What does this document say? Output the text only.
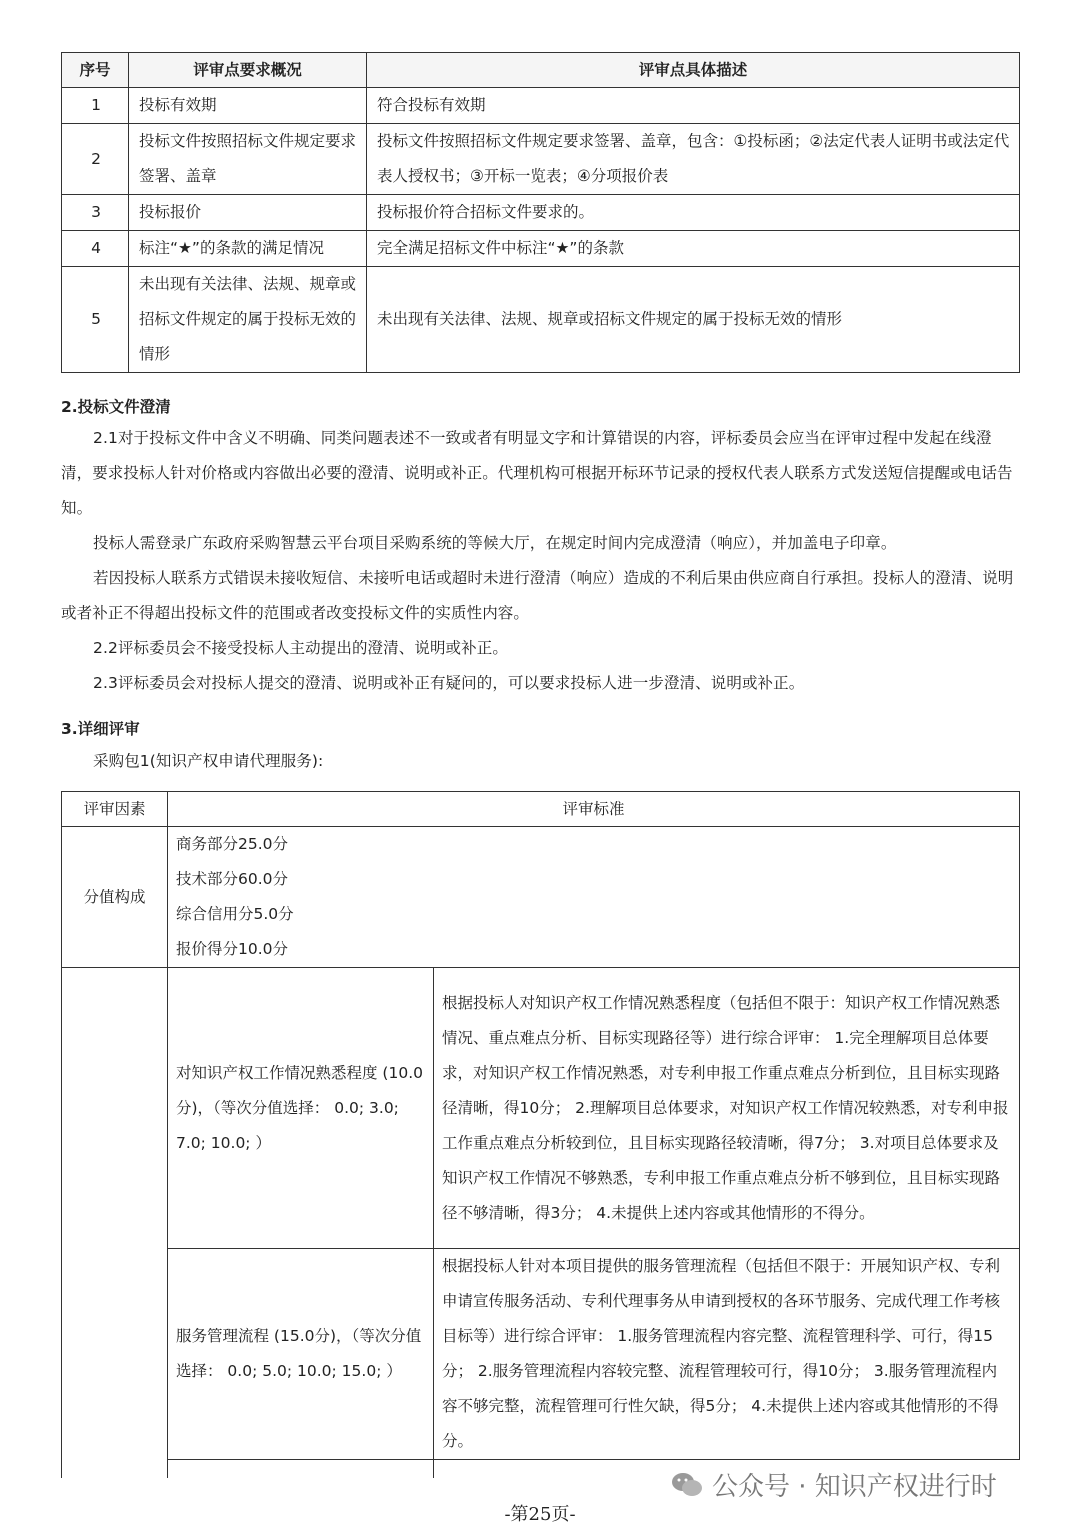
序号	评审点要求概况	评审点具体描述
1	投标有效期	符合投标有效期
2	投标文件按照招标文件规定要求签署、盖章	投标文件按照招标文件规定要求签署、盖章，包含：①投标函；②法定代表人证明书或法定代表人授权书；③开标一览表；④分项报价表
3	投标报价	投标报价符合招标文件要求的。
4	标注“★”的条款的满足情况	完全满足招标文件中标注“★”的条款
5	未出现有关法律、法规、规章或招标文件规定的属于投标无效的情形	未出现有关法律、法规、规章或招标文件规定的属于投标无效的情形
2.投标文件澄清
2.1对于投标文件中含义不明确、同类问题表述不一致或者有明显文字和计算错误的内容，评标委员会应当在评审过程中发起在线澄清，要求投标人针对价格或内容做出必要的澄清、说明或补正。代理机构可根据开标环节记录的授权代表人联系方式发送短信提醒或电话告知。
投标人需登录广东政府采购智慧云平台项目采购系统的等候大厅，在规定时间内完成澄清（响应），并加盖电子印章。
若因投标人联系方式错误未接收短信、未接听电话或超时未进行澄清（响应）造成的不利后果由供应商自行承担。投标人的澄清、说明或者补正不得超出投标文件的范围或者改变投标文件的实质性内容。
2.2评标委员会不接受投标人主动提出的澄清、说明或补正。
2.3评标委员会对投标人提交的澄清、说明或补正有疑问的，可以要求投标人进一步澄清、说明或补正。
3.详细评审
采购包1(知识产权申请代理服务):
评审因素	评审标准	
分值构成	商务部分25.0分
技术部分60.0分
综合信用分5.0分
报价得分10.0分	

	对知识产权工作情况熟悉程度 (10.0分)，（等次分值选择： 0.0; 3.0; 7.0; 10.0; ）	根据投标人对知识产权工作情况熟悉程度（包括但不限于：知识产权工作情况熟悉情况、重点难点分析、目标实现路径等）进行综合评审： 1.完全理解项目总体要求，对知识产权工作情况熟悉，对专利申报工作重点难点分析到位，且目标实现路径清晰，得10分； 2.理解项目总体要求，对知识产权工作情况较熟悉，对专利申报工作重点难点分析较到位，且目标实现路径较清晰，得7分； 3.对项目总体要求及知识产权工作情况不够熟悉，专利申报工作重点难点分析不够到位，且目标实现路径不够清晰，得3分； 4.未提供上述内容或其他情形的不得分。
	服务管理流程 (15.0分)，（等次分值选择： 0.0; 5.0; 10.0; 15.0; ）	根据投标人针对本项目提供的服务管理流程（包括但不限于：开展知识产权、专利申请宣传服务活动、专利代理事务从申请到授权的各环节服务、完成代理工作考核目标等）进行综合评审： 1.服务管理流程内容完整、流程管理科学、可行，得15分； 2.服务管理流程内容较完整、流程管理较可行，得10分； 3.服务管理流程内容不够完整，流程管理可行性欠缺，得5分； 4.未提供上述内容或其他情形的不得分。

公众号 · 知识产权进行时
-第25页-
